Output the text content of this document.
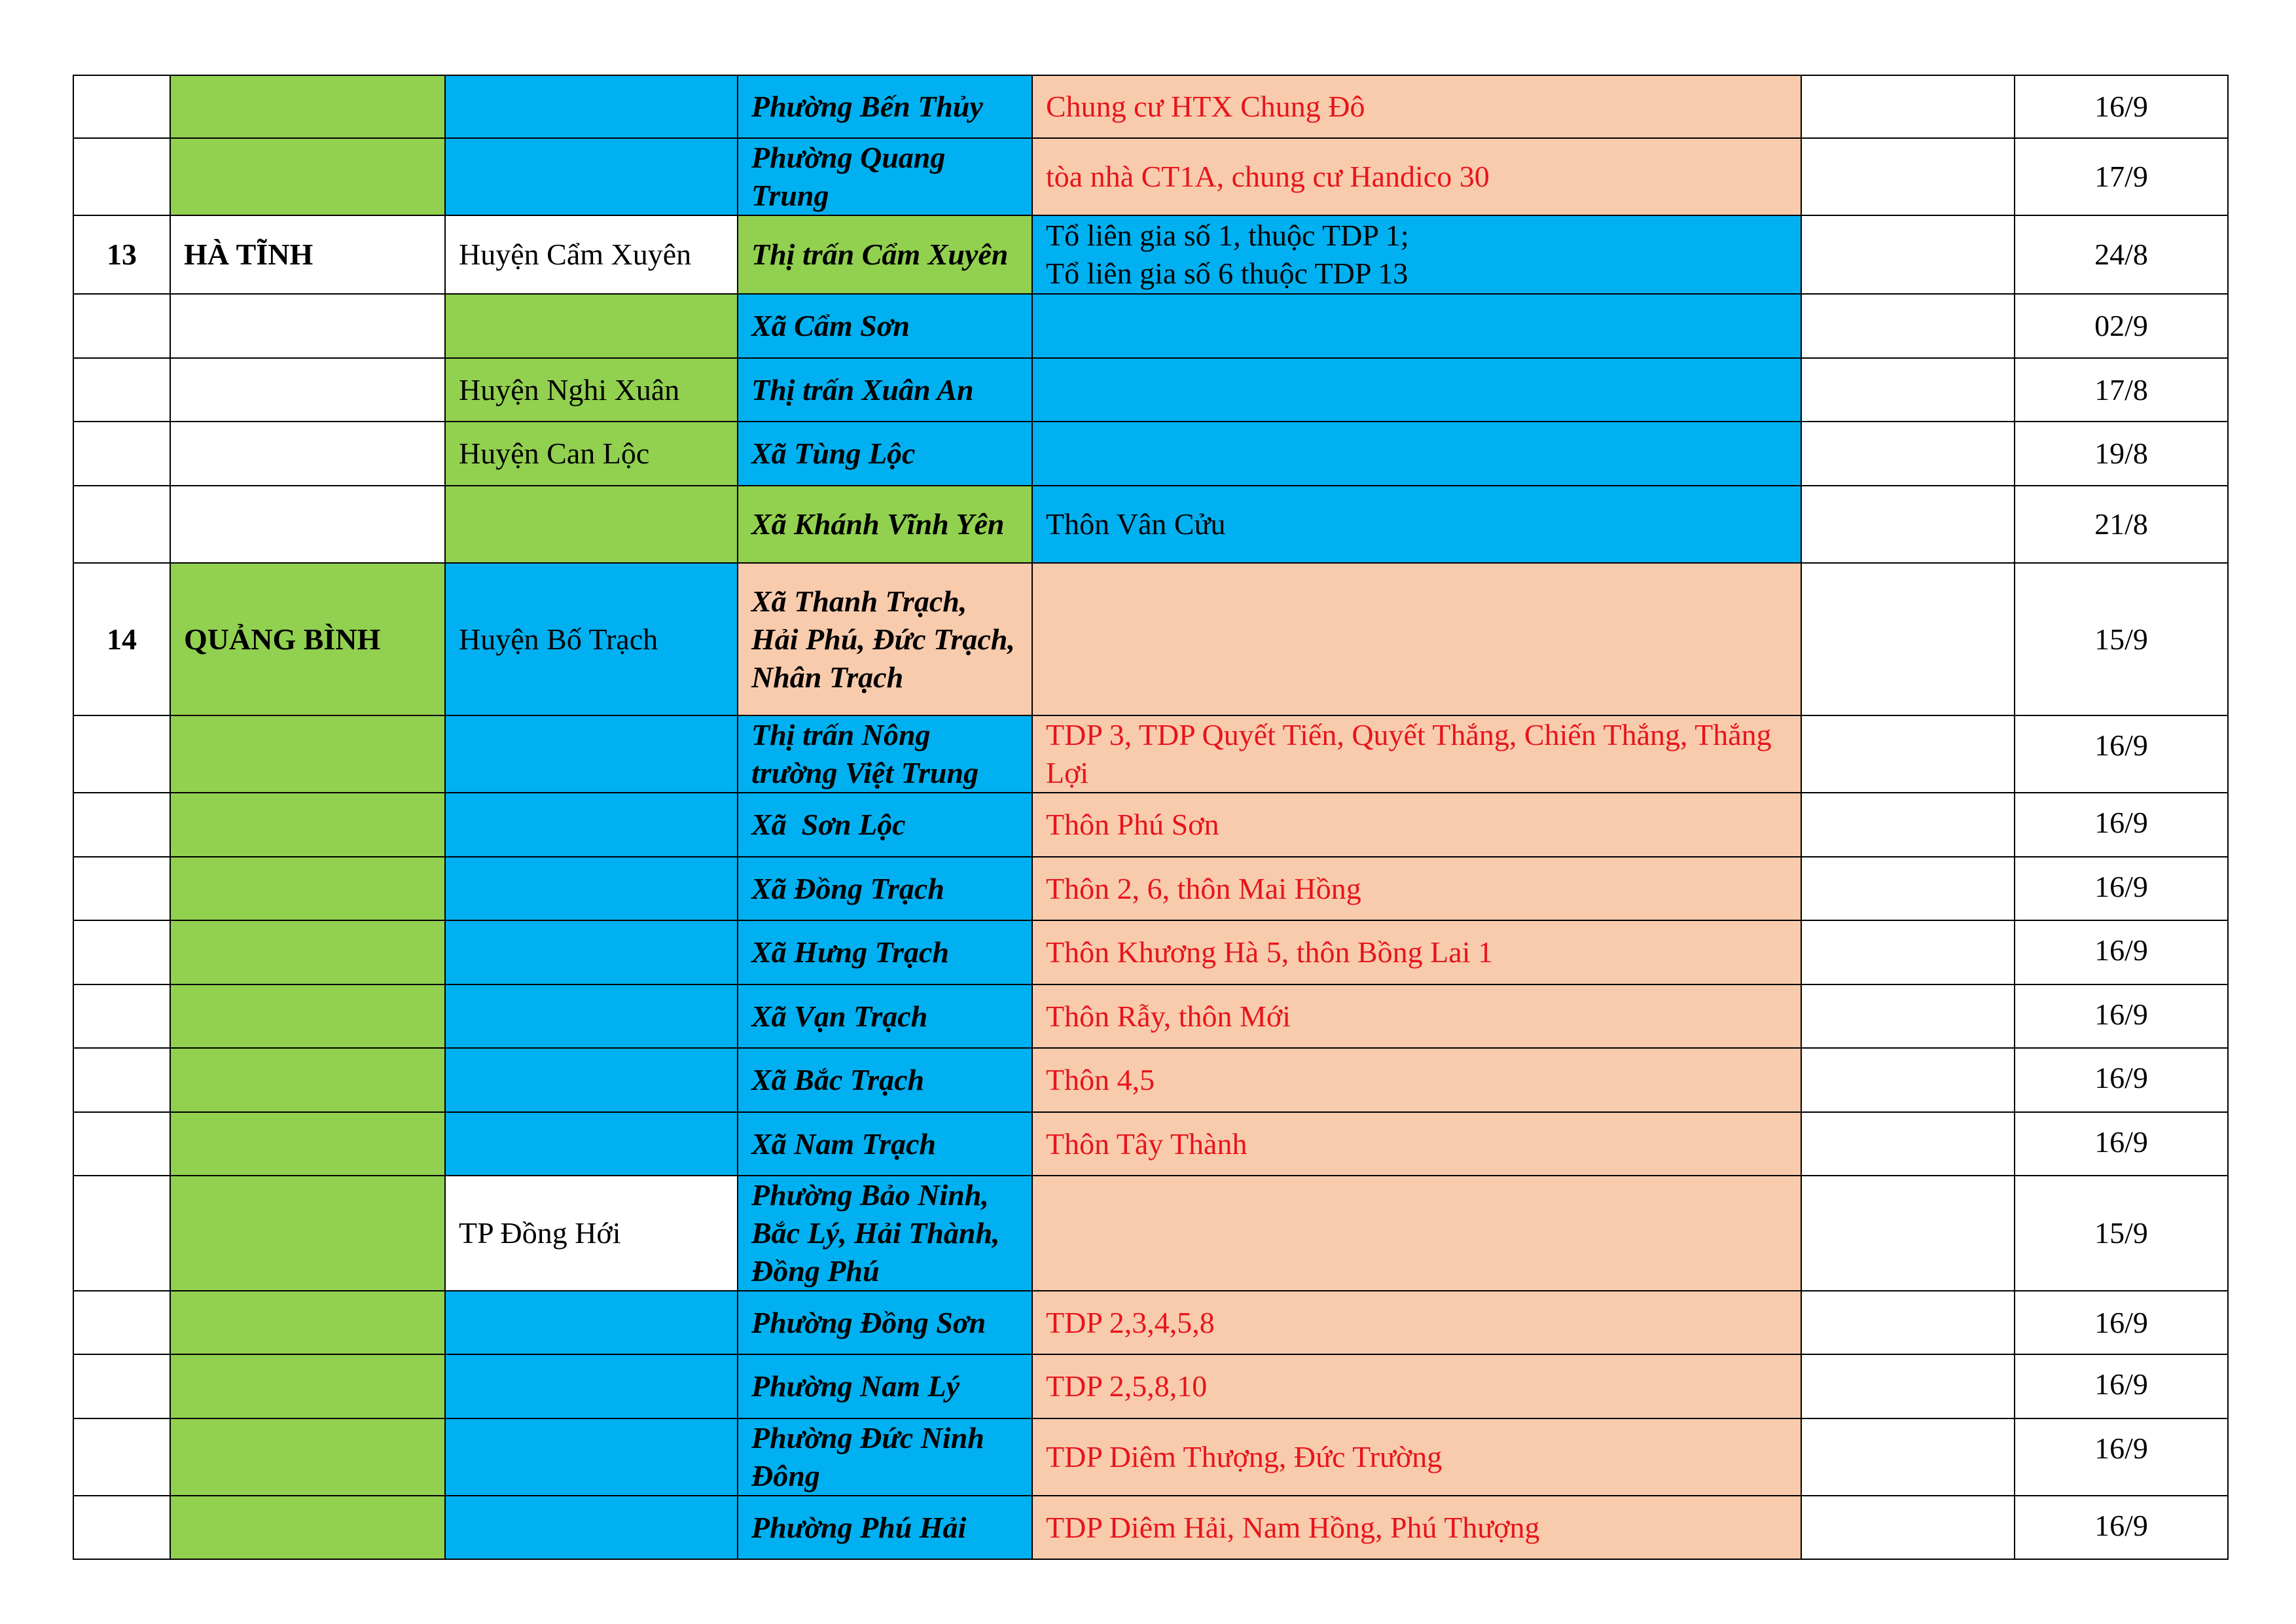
			Phường Bến Thủy	Chung cư HTX Chung Đô		16/9
			Phường Quang Trung	tòa nhà CT1A, chung cư Handico 30		17/9
13	HÀ TĨNH	Huyện Cẩm Xuyên	Thị trấn Cẩm Xuyên	Tổ liên gia số 1, thuộc TDP 1;
Tổ liên gia số 6 thuộc TDP 13		24/8
			Xã Cẩm Sơn			02/9
		Huyện Nghi Xuân	Thị trấn Xuân An			17/8
		Huyện Can Lộc	Xã Tùng Lộc			19/8
			Xã Khánh Vĩnh Yên	Thôn Vân Cửu		21/8
14	QUẢNG BÌNH	Huyện Bố Trạch	Xã Thanh Trạch, Hải Phú, Đức Trạch, Nhân Trạch			15/9
			Thị trấn Nông trường Việt Trung	TDP 3, TDP Quyết Tiến, Quyết Thắng, Chiến Thắng, Thắng Lợi		16/9
			Xã  Sơn Lộc	Thôn Phú Sơn		16/9
			Xã Đồng Trạch	Thôn 2, 6, thôn Mai Hồng		16/9
			Xã Hưng Trạch	Thôn Khương Hà 5, thôn Bồng Lai 1		16/9
			Xã Vạn Trạch	Thôn Rẫy, thôn Mới		16/9
			Xã Bắc Trạch	Thôn 4,5		16/9
			Xã Nam Trạch	Thôn Tây Thành		16/9
		TP Đồng Hới	Phường Bảo Ninh, Bắc Lý, Hải Thành, Đồng Phú			15/9
			Phường Đồng Sơn	TDP 2,3,4,5,8		16/9
			Phường Nam Lý	TDP 2,5,8,10		16/9
			Phường Đức Ninh Đông	TDP Diêm Thượng, Đức Trường		16/9
			Phường Phú Hải	TDP Diêm Hải, Nam Hồng, Phú Thượng		16/9
